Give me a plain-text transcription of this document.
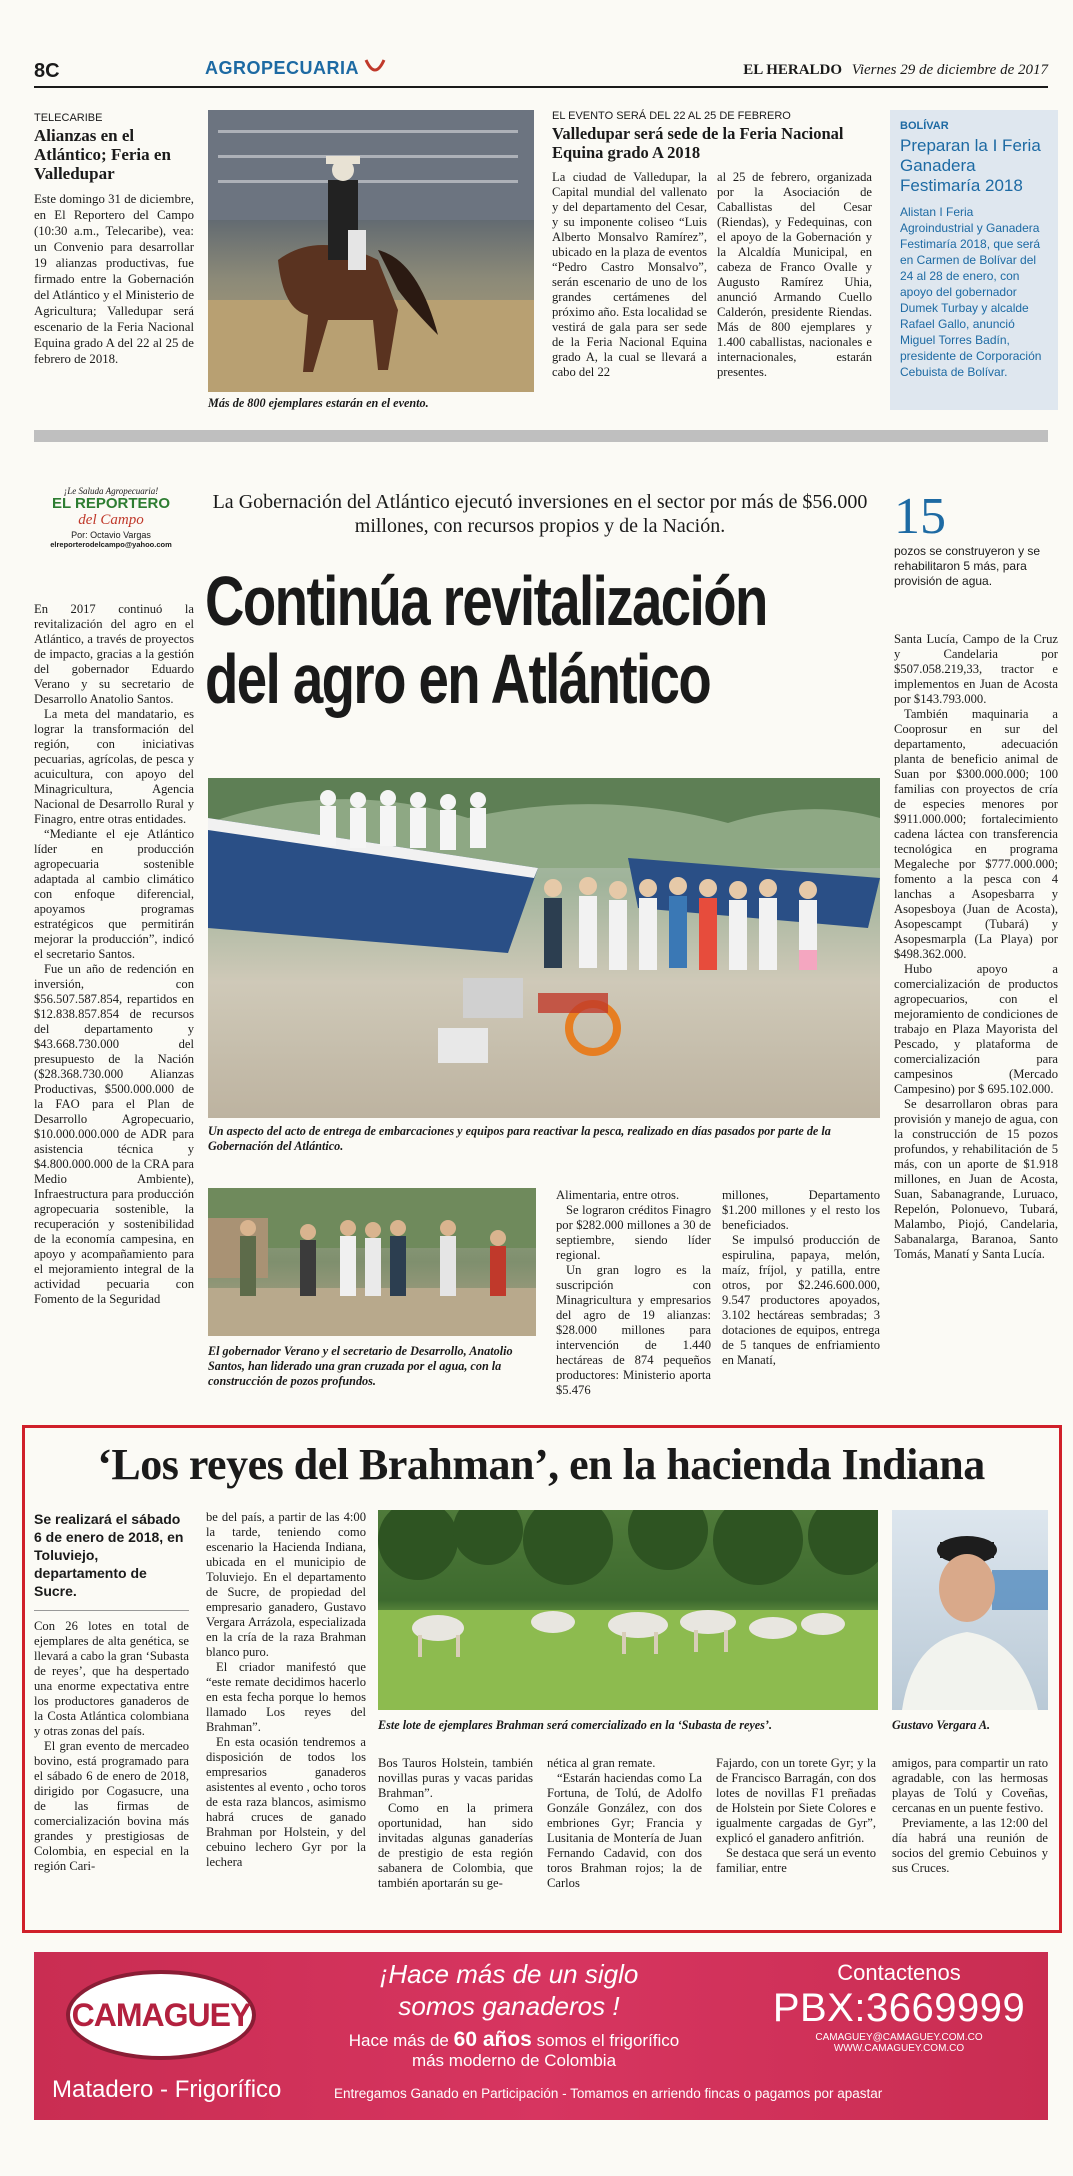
8C	AGROPECUARIA	EL HERALDO Viernes 29 de diciembre de 2017
TELECARIBE
Alianzas en el Atlántico; Feria en Valledupar
Este domingo 31 de diciembre, en El Reportero del Campo (10:30 a.m., Telecaribe), vea: un Convenio para desarrollar 19 alianzas productivas, fue firmado entre la Gobernación del Atlántico y el Ministerio de Agricultura; Valledupar será escenario de la Feria Nacional Equina grado A del 22 al 25 de febrero de 2018.
Más de 800 ejemplares estarán en el evento.
EL EVENTO SERÁ DEL 22 AL 25 DE FEBRERO
Valledupar será sede de la Feria Nacional Equina grado A 2018
La ciudad de Valledupar, la Capital mundial del vallenato y del departamento del Cesar, y su imponente coliseo “Luis Alberto Monsalvo Ramírez”, ubicado en la plaza de eventos “Pedro Castro Monsalvo”, serán escenario de uno de los grandes certámenes del próximo año. Esta localidad se vestirá de gala para ser sede de la Feria Nacional Equina grado A, la cual se llevará a cabo del 22
al 25 de febrero, organizada por la Asociación de Caballistas del Cesar (Riendas), y Fedequinas, con el apoyo de la Gobernación y la Alcaldía Municipal, en cabeza de Franco Ovalle y Augusto Ramírez Uhia, anunció Armando Cuello Calderón, presidente Riendas. Más de 800 ejemplares y 1.400 caballistas, nacionales e internacionales, estarán presentes.
BOLÍVAR
Preparan la I Feria Ganadera Festimaría 2018
Alistan I Feria Agroindustrial y Ganadera Festimaría 2018, que será en Carmen de Bolívar del 24 al 28 de enero, con apoyo del gobernador Dumek Turbay y alcalde Rafael Gallo, anunció Miguel Torres Badín, presidente de Corporación Cebuista de Bolívar.
¡Le Saluda Agropecuaria!
EL REPORTERO
del Campo
Por: Octavio Vargas
elreporterodelcampo@yahoo.com
La Gobernación del Atlántico ejecutó inversiones en el sector por más de $56.000 millones, con recursos propios y de la Nación.
Continúa revitalización
del agro en Atlántico
15
pozos se construyeron y se rehabilitaron 5 más, para provisión de agua.

En 2017 continuó la revitalización del agro en el Atlántico, a través de proyectos de impacto, gracias a la gestión del gobernador Eduardo Verano y su secretario de Desarrollo Anatolio Santos.

La meta del mandatario, es lograr la transformación del región, con iniciativas pecuarias, agrícolas, de pesca y acuicultura, con apoyo del Minagricultura, Agencia Nacional de Desarrollo Rural y Finagro, entre otras entidades.

“Mediante el eje Atlántico líder en producción agropecuaria sostenible adaptada al cambio climático con enfoque diferencial, apoyamos programas estratégicos que permitirán mejorar la producción”, indicó el secretario Santos.

Fue un año de redención en inversión, con $56.507.587.854, repartidos en $12.838.857.854 de recursos del departamento y $43.668.730.000 del presupuesto de la Nación ($28.368.730.000 Alianzas Productivas, $500.000.000 de la FAO para el Plan de Desarrollo Agropecuario, $10.000.000.000 de ADR para asistencia técnica y $4.800.000.000 de la CRA para Medio Ambiente), Infraestructura para producción agropecuaria sostenible, la recuperación y sostenibilidad de la economía campesina, en apoyo y acompañamiento para el mejoramiento integral de la actividad pecuaria con Fomento de la Seguridad

Un aspecto del acto de entrega de embarcaciones y equipos para reactivar la pesca, realizado en días pasados por parte de la Gobernación del Atlántico.
El gobernador Verano y el secretario de Desarrollo, Anatolio Santos, han liderado una gran cruzada por el agua, con la construcción de pozos profundos.

Alimentaria, entre otros.

Se lograron créditos Finagro por $282.000 millones a 30 de septiembre, siendo líder regional.

Un gran logro es la suscripción con Minagricultura y empresarios del agro de 19 alianzas: $28.000 millones para intervención de 1.440 hectáreas de 874 pequeños productores: Ministerio aporta $5.476

millones, Departamento $1.200 millones y el resto los beneficiados.

Se impulsó producción de espirulina, papaya, melón, maíz, fríjol, y patilla, entre otros, por $2.246.600.000, 9.547 productores apoyados, 3.102 hectáreas sembradas; 3 dotaciones de equipos, entrega de 5 tanques de enfriamiento en Manatí,

Santa Lucía, Campo de la Cruz y Candelaria por $507.058.219,33, tractor e implementos en Juan de Acosta por $143.793.000.

También maquinaria a Cooprosur en sur del departamento, adecuación planta de beneficio animal de Suan por $300.000.000; 100 familias con proyectos de cría de especies menores por $911.000.000; fortalecimiento cadena láctea con transferencia tecnológica en programa Megaleche por $777.000.000; fomento a la pesca con 4 lanchas a Asopesbarra y Asopesboya (Juan de Acosta), Asopescampt (Tubará) y Asopesmarpla (La Playa) por $498.362.000.

Hubo apoyo a comercialización de productos agropecuarios, con el mejoramiento de condiciones de trabajo en Plaza Mayorista del Pescado, y plataforma de comercialización para campesinos (Mercado Campesino) por $ 695.102.000.

Se desarrollaron obras para provisión y manejo de agua, con la construcción de 15 pozos profundos, y rehabilitación de 5 más, con un aporte de $1.918 millones, en Juan de Acosta, Suan, Sabanagrande, Luruaco, Repelón, Polonuevo, Tubará, Malambo, Piojó, Candelaria, Sabanalarga, Baranoa, Santo Tomás, Manatí y Santa Lucía.

‘Los reyes del Brahman’, en la hacienda Indiana
Se realizará el sábado 6 de enero de 2018, en Toluviejo, departamento de Sucre.

Con 26 lotes en total de ejemplares de alta genética, se llevará a cabo la gran ‘Subasta de reyes’, que ha despertado una enorme expectativa entre los productores ganaderos de la Costa Atlántica colombiana y otras zonas del país.

El gran evento de mercadeo bovino, está programado para el sábado 6 de enero de 2018, dirigido por Cogasucre, una de las firmas de comercialización bovina más grandes y prestigiosas de Colombia, en especial en la región Cari-

be del país, a partir de las 4:00 la tarde, teniendo como escenario la Hacienda Indiana, ubicada en el municipio de Toluviejo. En el departamento de Sucre, de propiedad del empresario ganadero, Gustavo Vergara Arrázola, especializada en la cría de la raza Brahman blanco puro.

El criador manifestó que “este remate decidimos hacerlo en esta fecha porque lo hemos llamado Los reyes del Brahman”.

En esta ocasión tendremos a disposición de todos los empresarios ganaderos asistentes al evento , ocho toros de esta raza blancos, asimismo habrá cruces de ganado Brahman por Holstein, y del cebuino lechero Gyr por la lechera

Este lote de ejemplares Brahman será comercializado en la ‘Subasta de reyes’.	Gustavo Vergara A.

Bos Tauros Holstein, también novillas puras y vacas paridas Brahman”.

Como en la primera oportunidad, han sido invitadas algunas ganaderías de prestigio de esta región sabanera de Colombia, que también aportarán su ge-

nética al gran remate.

“Estarán haciendas como La Fortuna, de Tolú, de Adolfo Gonzále González, con dos embriones Gyr; Francia y Lusitania de Montería de Juan Fernando Cadavid, con dos toros Brahman rojos; la de Carlos

Fajardo, con un torete Gyr; y la de Francisco Barragán, con dos lotes de novillas F1 preñadas de Holstein por Siete Colores e igualmente cargadas de Gyr”, explicó el ganadero anfitrión.

Se destaca que será un evento familiar, entre

amigos, para compartir un rato agradable, con las hermosas playas de Tolú y Coveñas, cercanas en un puente festivo.

Previamente, a las 12:00 del día habrá una reunión de socios del gremio Cebuinos y sus Cruces.

CAMAGUEY
Matadero - Frigorífico
¡Hace más de un siglo
somos ganaderos !
Hace más de 60 años somos el frigorífico
más moderno de Colombia
Entregamos Ganado en Participación - Tomamos en arriendo fincas o pagamos por apastar
Contactenos
PBX:3669999
CAMAGUEY@CAMAGUEY.COM.CO
WWW.CAMAGUEY.COM.CO
